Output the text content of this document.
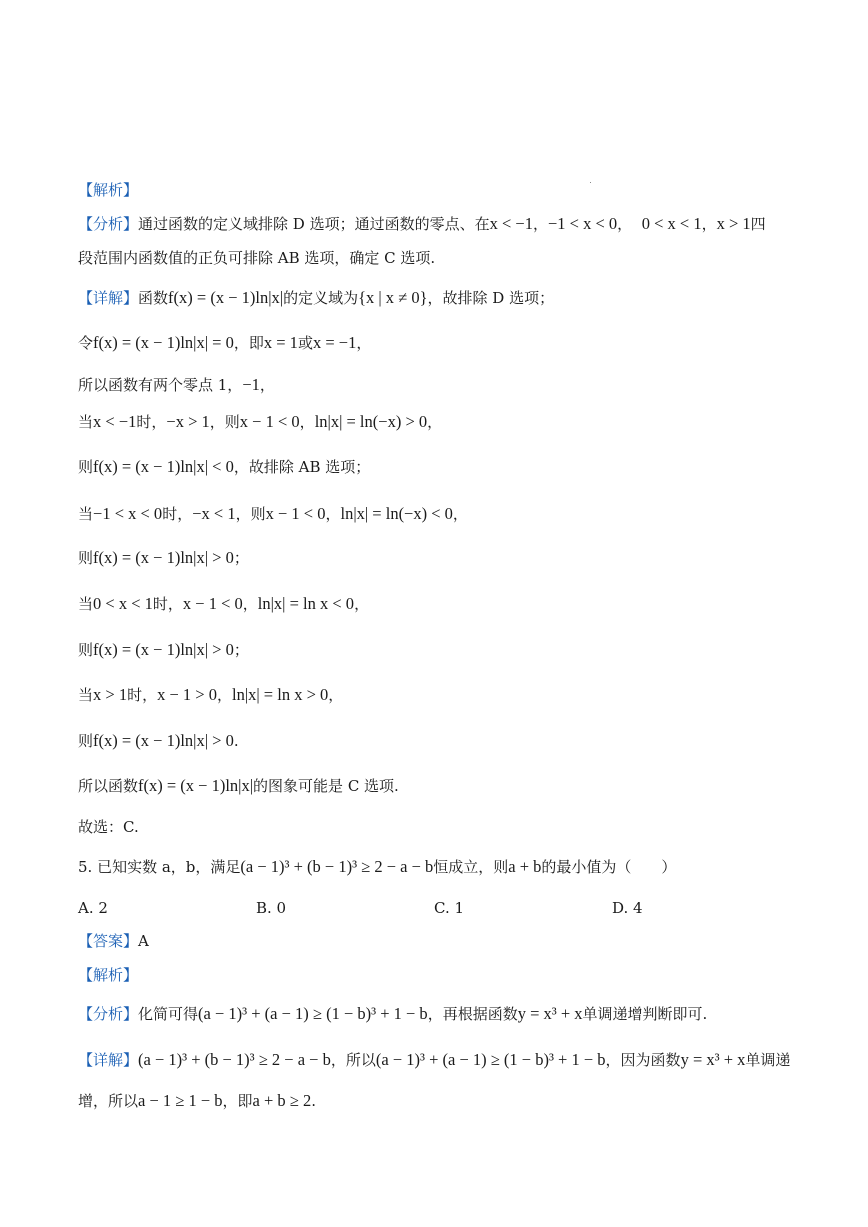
【解析】
【分析】通过函数的定义域排除 D 选项；通过函数的零点、在x < −1，−1 < x < 0， 0 < x < 1，x > 1四
段范围内函数值的正负可排除 AB 选项，确定 C 选项.
【详解】函数f(x) = (x − 1)ln|x|的定义域为{x | x ≠ 0}，故排除 D 选项；
令f(x) = (x − 1)ln|x| = 0，即x = 1或x = −1，
所以函数有两个零点 1，−1，
当x < −1时，−x > 1，则x − 1 < 0，ln|x| = ln(−x) > 0，
则f(x) = (x − 1)ln|x| < 0，故排除 AB 选项；
当−1 < x < 0时，−x < 1，则x − 1 < 0，ln|x| = ln(−x) < 0，
则f(x) = (x − 1)ln|x| > 0；
当0 < x < 1时，x − 1 < 0，ln|x| = ln x < 0，
则f(x) = (x − 1)ln|x| > 0；
当x > 1时，x − 1 > 0，ln|x| = ln x > 0，
则f(x) = (x − 1)ln|x| > 0.
所以函数f(x) = (x − 1)ln|x|的图象可能是 C 选项.
故选：C.
5. 已知实数 a，b，满足(a − 1)³ + (b − 1)³ ≥ 2 − a − b恒成立，则a + b的最小值为（　　）
A. 2	B. 0	C. 1	D. 4
【答案】A
【解析】
【分析】化简可得(a − 1)³ + (a − 1) ≥ (1 − b)³ + 1 − b，再根据函数y = x³ + x单调递增判断即可.
【详解】(a − 1)³ + (b − 1)³ ≥ 2 − a − b，所以(a − 1)³ + (a − 1) ≥ (1 − b)³ + 1 − b，因为函数y = x³ + x单调递
增，所以a − 1 ≥ 1 − b，即a + b ≥ 2.
